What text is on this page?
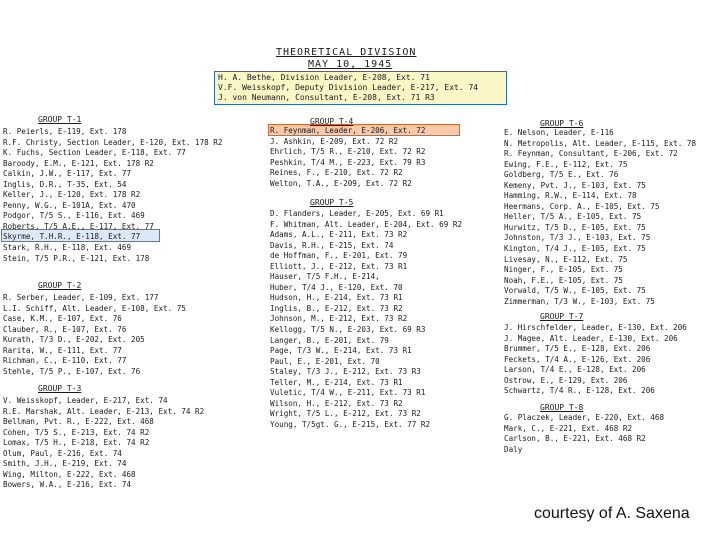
THEORETICAL DIVISION
MAY 10, 1945
H. A. Bethe, Division Leader, E-208, Ext. 71
V.F. Weisskopf, Deputy Division Leader, E-217, Ext. 74
J. von Neumann, Consultant, E-208, Ext. 71 R3
GROUP T-1
R. Peierls, E-119, Ext. 178
R.F. Christy, Section Leader, E-120, Ext. 178 R2
K. Fuchs, Section Leader, E-118, Ext. 77
Baroody, E.M., E-121, Ext. 178 R2
Calkin, J.W., E-117, Ext. 77
Inglis, D.R., T-35, Ext. 54
Keller, J., E-120, Ext. 178 R2
Penny, W.G., E-101A, Ext. 470
Podgor, T/5 S., E-116, Ext. 469
Roberts, T/5 A.E., E-117, Ext. 77
Skyrme, T.H.R., E-118, Ext. 77
Stark, R.H., E-118, Ext. 469
Stein, T/5 P.R., E-121, Ext. 178
GROUP T-2
R. Serber, Leader, E-109, Ext. 177
L.I. Schiff, Alt. Leader, E-108, Ext. 75
Case, K.M., E-107, Ext. 76
Clauber, R., E-107, Ext. 76
Kurath, T/3 D., E-202, Ext. 205
Rarita, W., E-111, Ext. 77
Richman, C., E-110, Ext. 77
Stehle, T/5 P., E-107, Ext. 76
GROUP T-3
V. Weisskopf, Leader, E-217, Ext. 74
R.E. Marshak, Alt. Leader, E-213, Ext. 74 R2
Bellman, Pvt. R., E-222, Ext. 468
Cohen, T/5 S., E-213, Ext. 74 R2
Lomax, T/5 H., E-218, Ext. 74 R2
Olum, Paul, E-216, Ext. 74
Smith, J.H., E-219, Ext. 74
Wing, Milton, E-222, Ext. 468
Bowers, W.A., E-216, Ext. 74
GROUP T-4
R. Feynman, Leader, E-206, Ext. 72
J. Ashkin, E-209, Ext. 72 R2
Ehrlich, T/5 R., E-210, Ext. 72 R2
Peshkin, T/4 M., E-223, Ext. 79 R3
Reines, F., E-210, Ext. 72 R2
Welton, T.A., E-209, Ext. 72 R2
GROUP T-5
D. Flanders, Leader, E-205, Ext. 69 R1
F. Whitman, Alt. Leader, E-204, Ext. 69 R2
Adams, A.L., E-211, Ext. 73 R2
Davis, R.H., E-215, Ext. 74
de Hoffman, F., E-201, Ext. 79
Elliott, J., E-212, Ext. 73 R1
Hauser, T/5 F.H., E-214,
Huber, T/4 J., E-120, Ext. 70
Hudson, H., E-214, Ext. 73 R1
Inglis, B., E-212, Ext. 73 R2
Johnson, M., E-212, Ext. 73 R2
Kellogg, T/5 N., E-203, Ext. 69 R3
Langer, B., E-201, Ext. 79
Page, T/3 W., E-214, Ext. 73 R1
Paul, E., E-201, Ext. 70
Staley, T/3 J., E-212, Ext. 73 R3
Teller, M., E-214, Ext. 73 R1
Vuletic, T/4 W., E-211, Ext. 73 R1
Wilson, H., E-212, Ext. 73 R2
Wright, T/5 L., E-212, Ext. 73 R2
Young, T/5gt. G., E-215, Ext. 77 R2
GROUP T-6
E. Nelson, Leader, E-116
N. Metropolis, Alt. Leader, E-115, Ext. 78
R. Feynman, Consultant, E-206, Ext. 72
Ewing, F.E., E-112, Ext. 75
Goldberg, T/5 E., Ext. 76
Kemeny, Pvt. J., E-103, Ext. 75
Hamming, R.W., E-114, Ext. 78
Heermans, Corp. A., E-105, Ext. 75
Heller, T/5 A., E-105, Ext. 75
Hurwitz, T/5 D., E-105, Ext. 75
Johnston, T/3 J., E-103, Ext. 75
Kington, T/4 J., E-105, Ext. 75
Livesay, N., E-112, Ext. 75
Ninger, F., E-105, Ext. 75
Noah, F.E., E-105, Ext. 75
Vorwald, T/5 W., E-105, Ext. 75
Zimmerman, T/3 W., E-103, Ext. 75
GROUP T-7
J. Hirschfelder, Leader, E-130, Ext. 206
J. Magee, Alt. Leader, E-130, Ext. 206
Brummer, T/5 E., E-128, Ext. 206
Feckets, T/4 A., E-126, Ext. 206
Larson, T/4 E., E-128, Ext. 206
Ostrow, E., E-129, Ext. 206
Schwartz, T/4 R., E-128, Ext. 206
GROUP T-8
G. Placzek, Leader, E-220, Ext. 468
Mark, C., E-221, Ext. 468 R2
Carlson, B., E-221, Ext. 468 R2
Daly
courtesy of A. Saxena
